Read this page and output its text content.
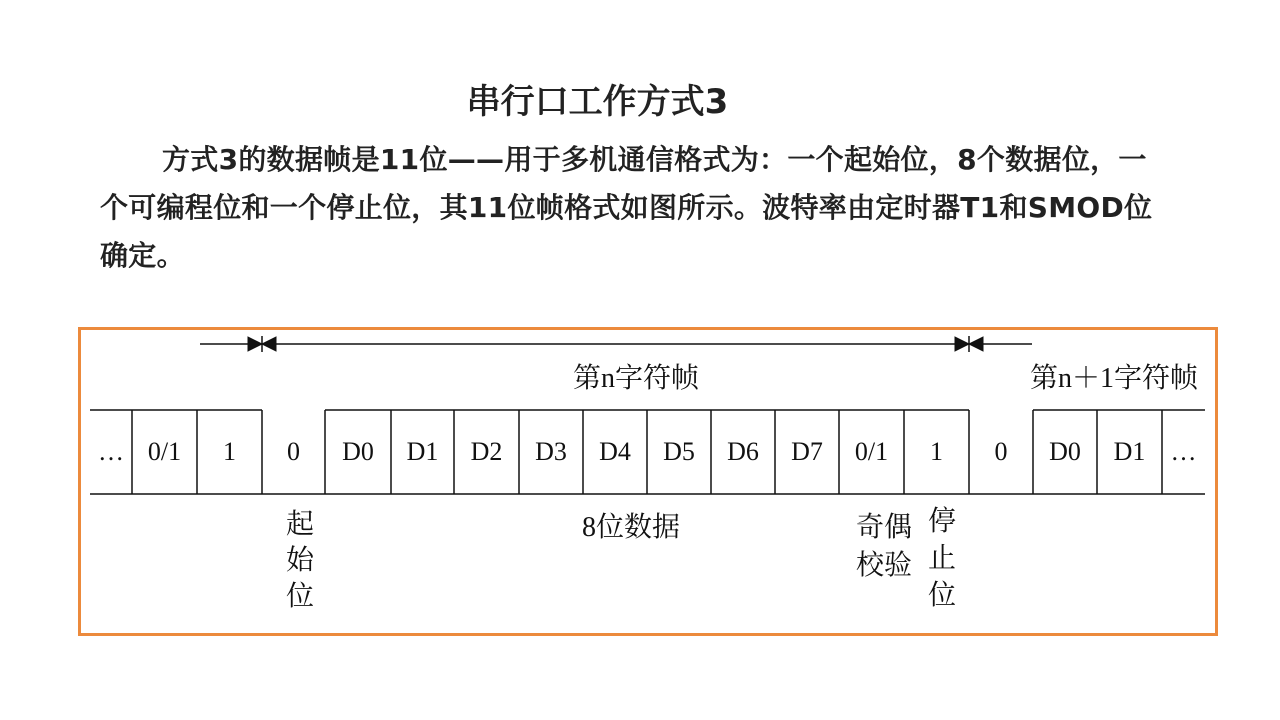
串行口工作方式3

方式3的数据帧是11位——用于多机通信格式为：一个起始位，8个数据位，一个可编程位和一个停止位，其11位帧格式如图所示。波特率由定时器T1和SMOD位确定。

第n字符帧	第n＋1字符帧
… 0/1 1 0 D0 D1 D2 D3 D4 D5 D6 D7 0/1 1 0 D0 D1 …
起
始
位
8位数据	奇偶
校验
停
止
位
